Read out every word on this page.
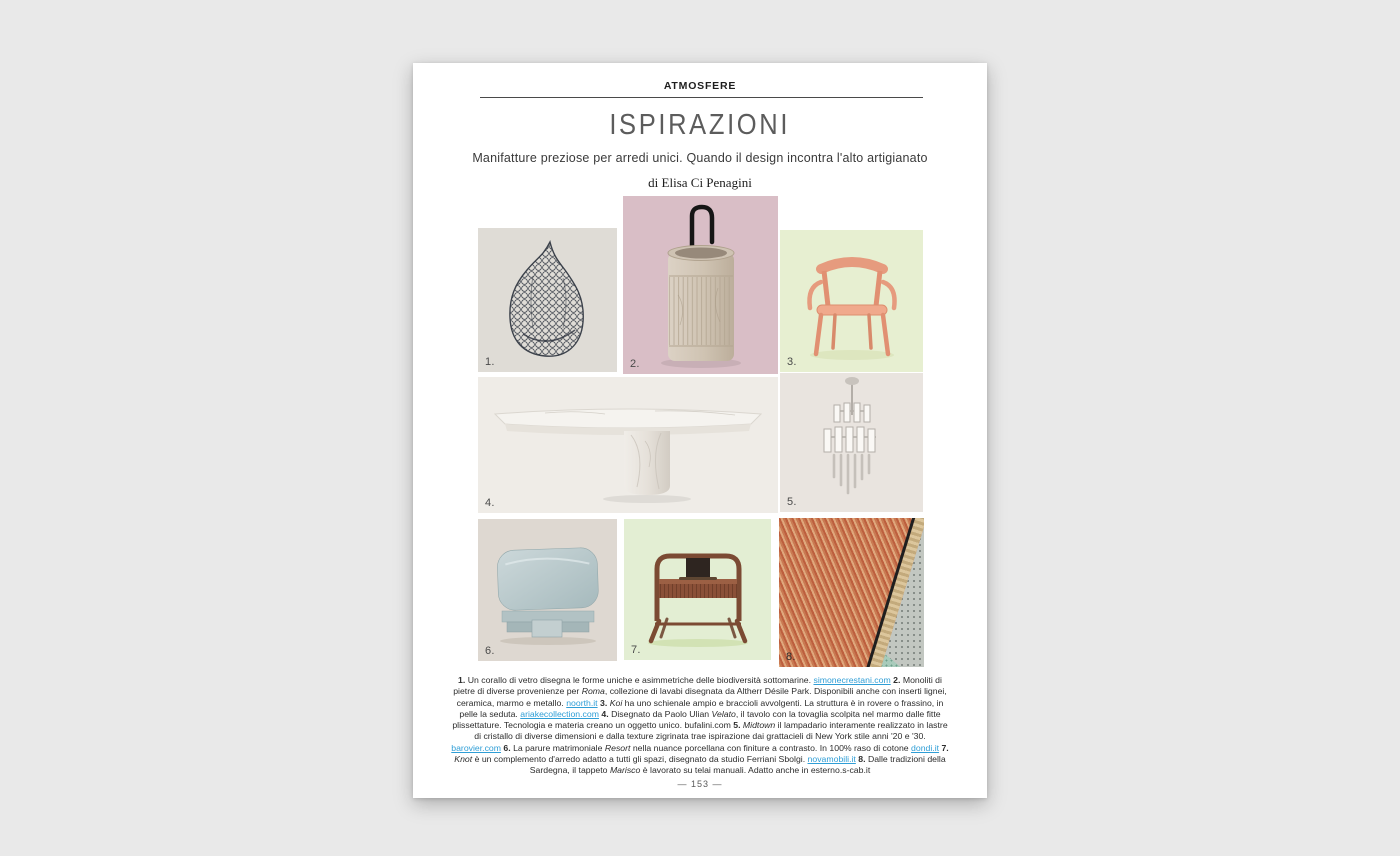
ATMOSFERE
ISPIRAZIONI
Manifatture preziose per arredi unici. Quando il design incontra l'alto artigianato
di Elisa Ci Penagini
1.	2.	3.
4.	5.
6.	7.
8.
1. Un corallo di vetro disegna le forme uniche e asimmetriche delle biodiversità sottomarine. simonecrestani.com 2. Monoliti di pietre di diverse provenienze per Roma, collezione di lavabi disegnata da Altherr Désile Park. Disponibili anche con inserti lignei, ceramica, marmo e metallo. noorth.it 3. Koi ha uno schienale ampio e braccioli avvolgenti. La struttura è in rovere o frassino, in pelle la seduta. ariakecollection.com 4. Disegnato da Paolo Ulian Velato, il tavolo con la tovaglia scolpita nel marmo dalle fitte plissettature. Tecnologia e materia creano un oggetto unico. bufalini.com 5. Midtown il lampadario interamente realizzato in lastre di cristallo di diverse dimensioni e dalla texture zigrinata trae ispirazione dai grattacieli di New York stile anni '20 e '30. barovier.com 6. La parure matrimoniale Resort nella nuance porcellana con finiture a contrasto. In 100% raso di cotone dondi.it 7. Knot è un complemento d'arredo adatto a tutti gli spazi, disegnato da studio Ferriani Sbolgi. novamobili.it 8. Dalle tradizioni della Sardegna, il tappeto Marisco è lavorato su telai manuali. Adatto anche in esterno.s-cab.it
— 153 —
